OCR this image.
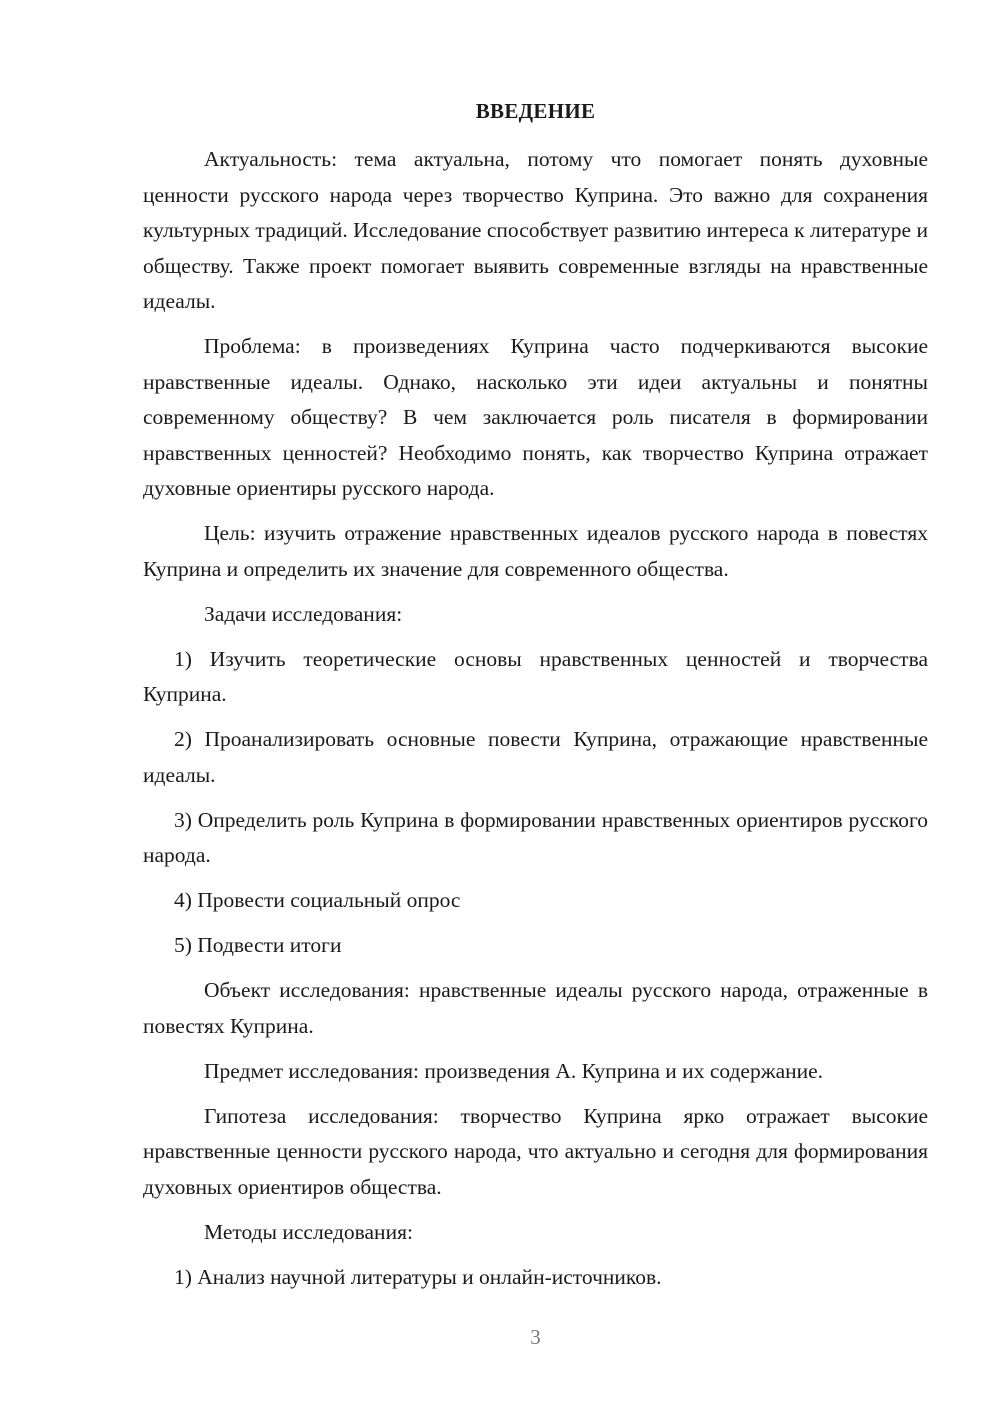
ВВЕДЕНИЕ

Актуальность: тема актуальна, потому что помогает понять духовные ценности русского народа через творчество Куприна. Это важно для сохранения культурных традиций. Исследование способствует развитию интереса к литературе и обществу. Также проект помогает выявить современные взгляды на нравственные идеалы.

Проблема: в произведениях Куприна часто подчеркиваются высокие нравственные идеалы. Однако, насколько эти идеи актуальны и понятны современному обществу? В чем заключается роль писателя в формировании нравственных ценностей? Необходимо понять, как творчество Куприна отражает духовные ориентиры русского народа.

Цель: изучить отражение нравственных идеалов русского народа в повестях Куприна и определить их значение для современного общества.

Задачи исследования:

1) Изучить теоретические основы нравственных ценностей и творчества Куприна.

2) Проанализировать основные повести Куприна, отражающие нравственные идеалы.

3) Определить роль Куприна в формировании нравственных ориентиров русского народа.

4) Провести социальный опрос

5) Подвести итоги

Объект исследования: нравственные идеалы русского народа, отраженные в повестях Куприна.

Предмет исследования: произведения А. Куприна и их содержание.

Гипотеза исследования: творчество Куприна ярко отражает высокие нравственные ценности русского народа, что актуально и сегодня для формирования духовных ориентиров общества.

Методы исследования:

1) Анализ научной литературы и онлайн-источников.

3
